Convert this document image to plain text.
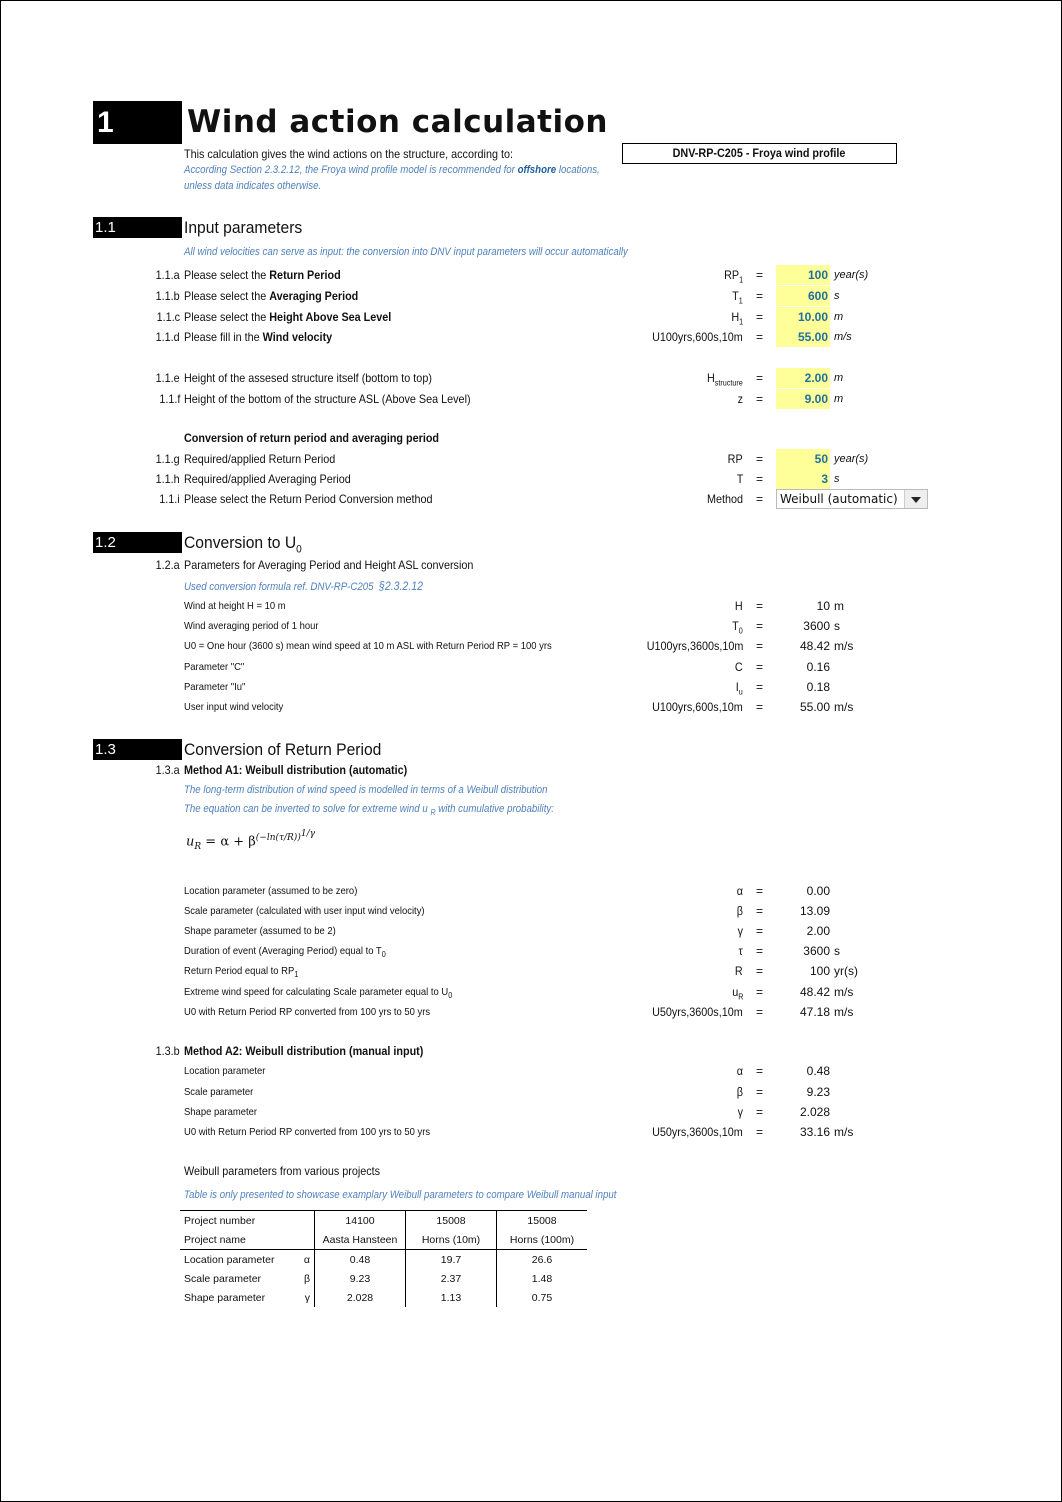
1	Wind action calculation
This calculation gives the wind actions on the structure, according to:	DNV-RP-C205 - Froya wind profile
According Section 2.3.2.12, the Froya wind profile model is recommended for offshore locations,
unless data indicates otherwise.
1.1	Input parameters
All wind velocities can serve as input: the conversion into DNV input parameters will occur automatically
Conversion of return period and averaging period
1.1.i Please select the Return Period Conversion method	Method =	Weibull (automatic)
1.2	Conversion to $U_0$
1.2.a Parameters for Averaging Period and Height ASL conversion
Used conversion formula ref. DNV-RP-C205 §2.3.2.12
1.3	Conversion of Return Period
1.3.a Method A1: Weibull distribution (automatic)
The long-term distribution of wind speed is modelled in terms of a Weibull distribution
The equation can be inverted to solve for extreme wind u $_R$ with cumulative probability:
$u_R = \alpha + \beta^{(-ln(\tau/R))^{1/\gamma}}$
1.3.b Method A2: Weibull distribution (manual input)
Weibull parameters from various projects
Table is only presented to showcase examplary Weibull parameters to compare Weibull manual input
Project number		14100	15008	15008
Project name		Aasta Hansteen	Horns (10m)	Horns (100m)
Location parameter	α	0.48	19.7	26.6
Scale parameter	β	9.23	2.37	1.48
Shape parameter	γ	2.028	1.13	0.75
1.1.a Please select the Return Period	$RP_1$ =	100 year(s)
1.1.b Please select the Averaging Period	$T_1$ =	600 s
1.1.c Please select the Height Above Sea Level	$H_1$ =	10.00 m
1.1.d Please fill in the Wind velocity	U100yrs,600s,10m =	55.00 m/s
1.1.e Height of the assesed structure itself (bottom to top)	$H_{structure}$ =	2.00 m
1.1.f Height of the bottom of the structure ASL (Above Sea Level)	z =	9.00 m
1.1.g Required/applied Return Period	RP =	50 year(s)
1.1.h Required/applied Averaging Period	T =	3 s
Wind at height H = 10 m	H =	10 m
Wind averaging period of 1 hour	$T_0$ =	3600 s
U0 = One hour (3600 s) mean wind speed at 10 m ASL with Return Period RP = 100 yrs	U100yrs,3600s,10m =	48.42 m/s
Parameter "C"	C =	0.16
Parameter "Iu"	$I_u$ =	0.18
User input wind velocity	U100yrs,600s,10m =	55.00 m/s
Location parameter (assumed to be zero)	α =	0.00
Scale parameter (calculated with user input wind velocity)	β =	13.09
Shape parameter (assumed to be 2)	γ =	2.00
Duration of event (Averaging Period) equal to $T_0$	τ =	3600 s
Return Period equal to $RP_1$	R =	100 yr(s)
Extreme wind speed for calculating Scale parameter equal to $U_0$	$u_R$ =	48.42 m/s
U0 with Return Period RP converted from 100 yrs to 50 yrs	U50yrs,3600s,10m =	47.18 m/s
Location parameter	α =	0.48
Scale parameter	β =	9.23
Shape parameter	γ =	2.028
U0 with Return Period RP converted from 100 yrs to 50 yrs	U50yrs,3600s,10m =	33.16 m/s
